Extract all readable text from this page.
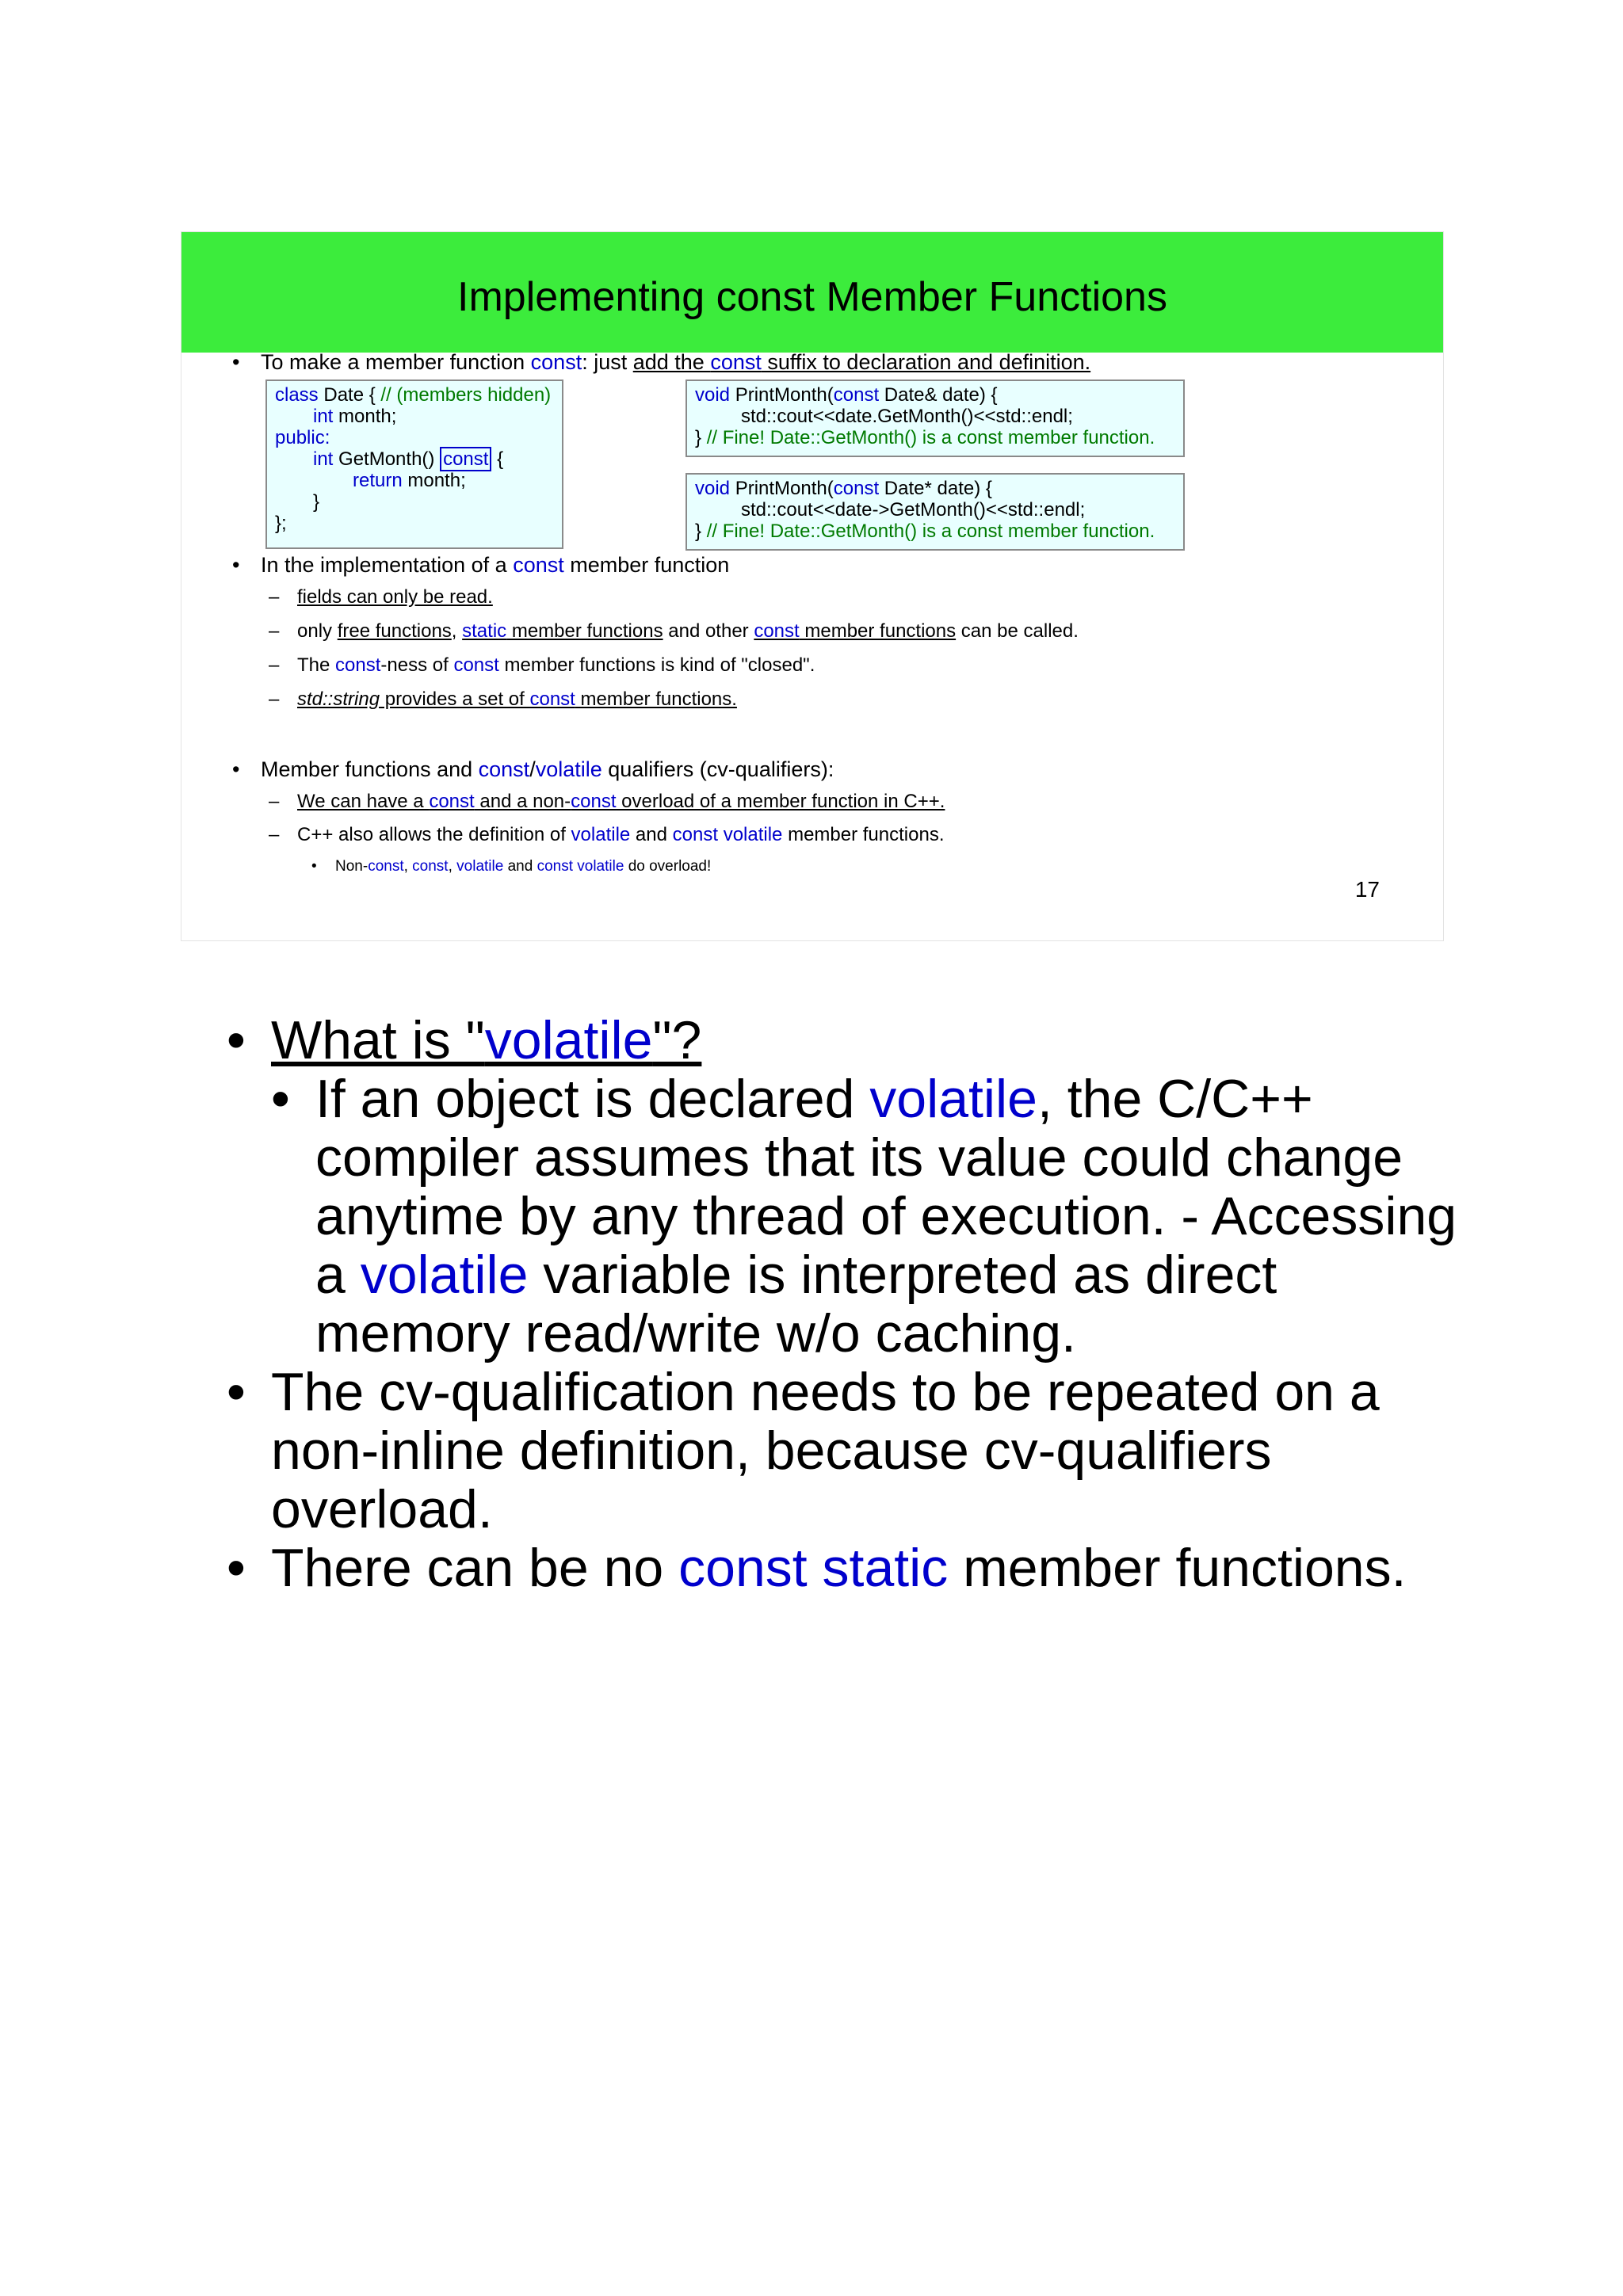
Implementing const Member Functions
• To make a member function const: just add the const suffix to declaration and definition.
class Date { // (members hidden)
int month;
public:
int GetMonth() const {
return month;
}
};
void PrintMonth(const Date& date) {
std::cout<<date.GetMonth()<<std::endl;
} // Fine! Date::GetMonth() is a const member function.
void PrintMonth(const Date* date) {
std::cout<<date->GetMonth()<<std::endl;
} // Fine! Date::GetMonth() is a const member function.
• In the implementation of a const member function
– fields can only be read.
– only free functions, static member functions and other const member functions can be called.
– The const-ness of const member functions is kind of "closed".
– std::string provides a set of const member functions.
• Member functions and const/volatile qualifiers (cv-qualifiers):
– We can have a const and a non-const overload of a member function in C++.
– C++ also allows the definition of volatile and const volatile member functions.
• Non-const, const, volatile and const volatile do overload!
17
• What is "volatile"?
• If an object is declared volatile, the C/C++
compiler assumes that its value could change
anytime by any thread of execution. - Accessing
a volatile variable is interpreted as direct
memory read/write w/o caching.
• The cv-qualification needs to be repeated on a
non-inline definition, because cv-qualifiers
overload.
• There can be no const static member functions.
